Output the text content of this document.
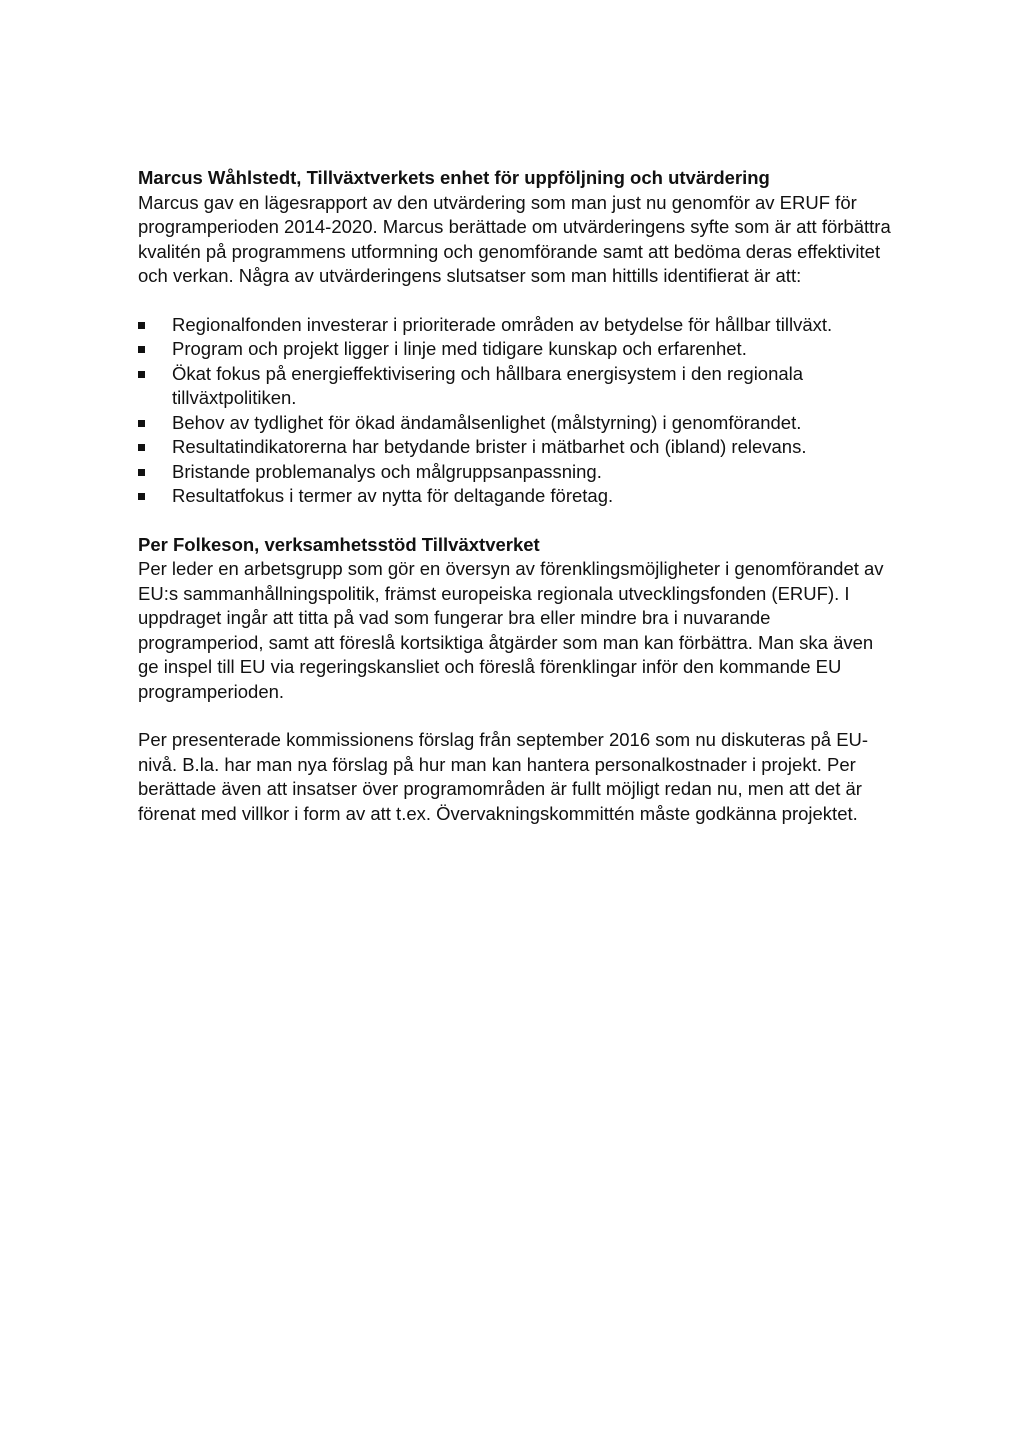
Marcus Wåhlstedt, Tillväxtverkets enhet för uppföljning och utvärdering

Marcus gav en lägesrapport av den utvärdering som man just nu genomför av ERUF för programperioden 2014-2020. Marcus berättade om utvärderingens syfte som är att förbättra kvalitén på programmens utformning och genomförande samt att bedöma deras effektivitet och verkan. Några av utvärderingens slutsatser som man hittills identifierat är att:

Regionalfonden investerar i prioriterade områden av betydelse för hållbar tillväxt.
Program och projekt ligger i linje med tidigare kunskap och erfarenhet.
Ökat fokus på energieffektivisering och hållbara energisystem i den regionala tillväxtpolitiken.
Behov av tydlighet för ökad ändamålsenlighet (målstyrning) i genomförandet.
Resultatindikatorerna har betydande brister i mätbarhet och (ibland) relevans.
Bristande problemanalys och målgruppsanpassning.
Resultatfokus i termer av nytta för deltagande företag.

Per Folkeson, verksamhetsstöd Tillväxtverket

Per leder en arbetsgrupp som gör en översyn av förenklingsmöjligheter i genomförandet av EU:s sammanhållningspolitik, främst europeiska regionala utvecklingsfonden (ERUF). I uppdraget ingår att titta på vad som fungerar bra eller mindre bra i nuvarande programperiod, samt att föreslå kortsiktiga åtgärder som man kan förbättra. Man ska även ge inspel till EU via regeringskansliet och föreslå förenklingar inför den kommande EU programperioden.

Per presenterade kommissionens förslag från september 2016 som nu diskuteras på EU-nivå. B.la. har man nya förslag på hur man kan hantera personalkostnader i projekt. Per berättade även att insatser över programområden är fullt möjligt redan nu, men att det är förenat med villkor i form av att t.ex. Övervakningskommittén måste godkänna projektet.
